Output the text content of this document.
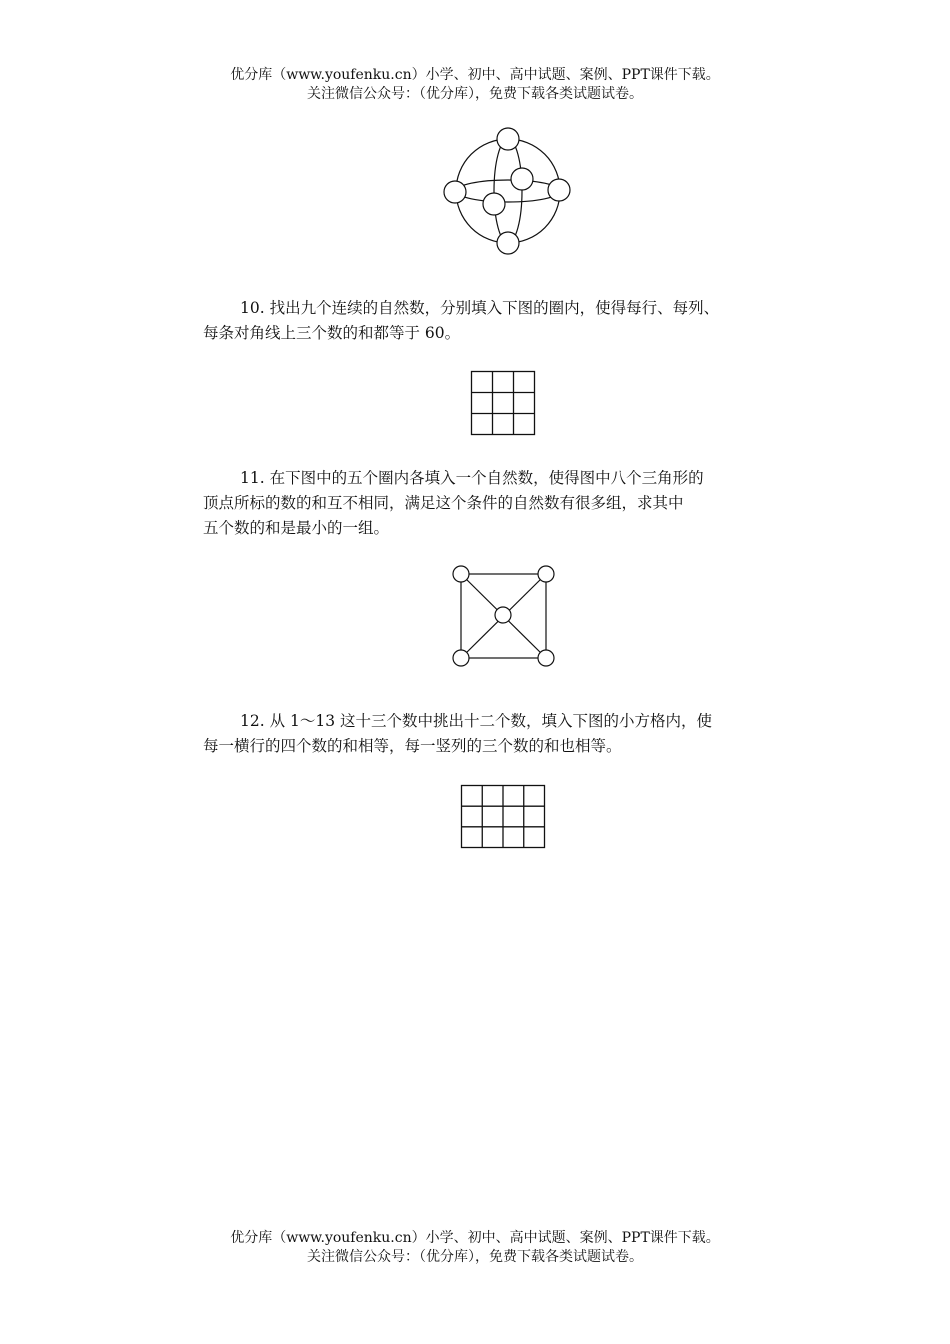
优分库（www.youfenku.cn）小学、初中、高中试题、案例、PPT课件下载。
关注微信公众号：（优分库），免费下载各类试题试卷。

10. 找出九个连续的自然数，分别填入下图的圈内，使得每行、每列、

每条对角线上三个数的和都等于 60。

11. 在下图中的五个圈内各填入一个自然数，使得图中八个三角形的

顶点所标的数的和互不相同，满足这个条件的自然数有很多组，求其中

五个数的和是最小的一组。

12. 从 1～13 这十三个数中挑出十二个数，填入下图的小方格内，使

每一横行的四个数的和相等，每一竖列的三个数的和也相等。

优分库（www.youfenku.cn）小学、初中、高中试题、案例、PPT课件下载。
关注微信公众号：（优分库），免费下载各类试题试卷。
